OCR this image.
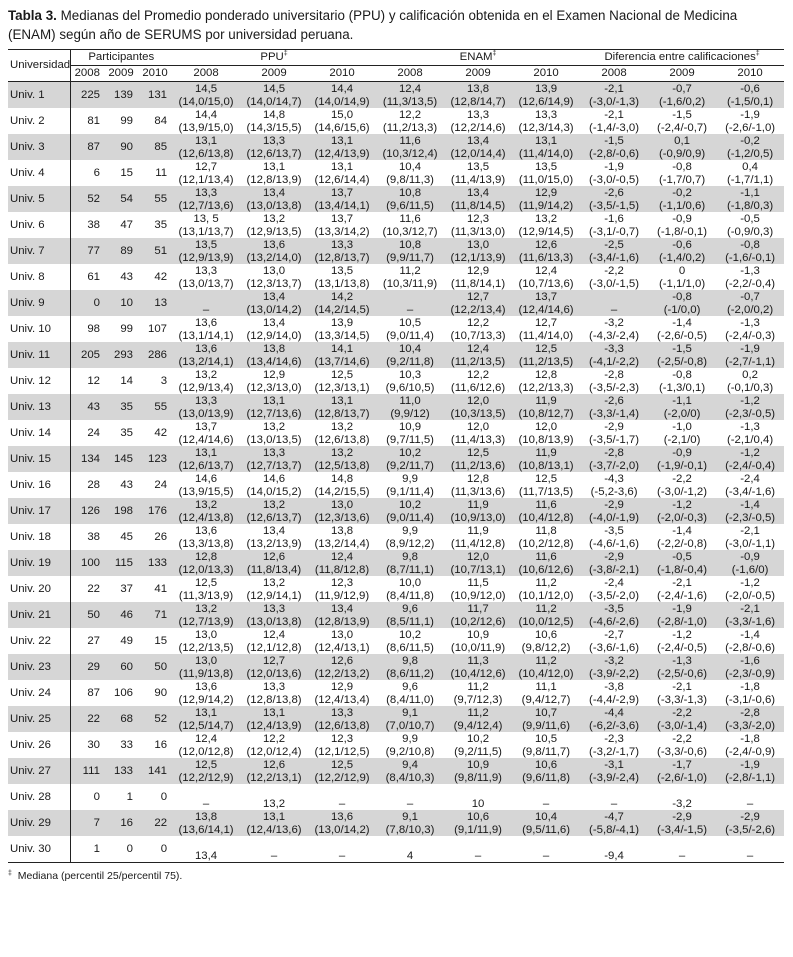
Tabla 3. Medianas del Promedio ponderado universitario (PPU) y calificación obtenida en el Examen Nacional de Medicina (ENAM) según año de SERUMS por universidad peruana.

Universidad	Participantes			PPU‡			ENAM‡			Diferencia entre calificaciones‡
	2008	2009	2010	2008	2009	2010	2008	2009	2010	2008	2009	2010
Univ. 1	225	139	131	14,5
(14,0/15,0)	14,5
(14,0/14,7)	14,4
(14,0/14,9)	12,4
(11,3/13,5)	13,8
(12,8/14,7)	13,9
(12,6/14,9)	-2,1
(-3,0/-1,3)	-0,7
(-1,6/0,2)	-0,6
(-1,5/0,1)

Univ. 2	81	99	84	14,4
(13,9/15,0)	14,8
(14,3/15,5)	15,0
(14,6/15,6)	12,2
(11,2/13,3)	13,3
(12,2/14,6)	13,3
(12,3/14,3)	-2,1
(-1,4/-3,0)	-1,5
(-2,4/-0,7)	-1,9
(-2,6/-1,0)

Univ. 3	87	90	85	13,1
(12,6/13,8)	13,3
(12,6/13,7)	13,1
(12,4/13,9)	11,6
(10,3/12,4)	13,4
(12,0/14,4)	13,1
(11,4/14,0)	-1,5
(-2,8/-0,6)	0,1
(-0,9/0,9)	-0,2
(-1,2/0,5)

Univ. 4	6	15	11	12,7
(12,1/13,4)	13,1
(12,8/13,9)	13,1
(12,6/14,4)	10,4
(9,8/11,3)	13,5
(11,4/13,9)	13,5
(11,0/15,0)	-1,9
(-3,0/-0,5)	-0,8
(-1,7/0,7)	0,4
(-1,7/1,1)

Univ. 5	52	54	55	13,3
(12,7/13,6)	13,4
(13,0/13,8)	13,7
(13,4/14,1)	10,8
(9,6/11,5)	13,4
(11,8/14,5)	12,9
(11,9/14,2)	-2,6
(-3,5/-1,5)	-0,2
(-1,1/0,6)	-1,1
(-1,8/0,3)

Univ. 6	38	47	35	13, 5
(13,1/13,7)	13,2
(12,9/13,5)	13,7
(13,3/14,2)	11,6
(10,3/12,7)	12,3
(11,3/13,0)	13,2
(12,9/14,5)	-1,6
(-3,1/-0,7)	-0,9
(-1,8/-0,1)	-0,5
(-0,9/0,3)

Univ. 7	77	89	51	13,5
(12,9/13,9)	13,6
(13,2/14,0)	13,3
(12,8/13,7)	10,8
(9,9/11,7)	13,0
(12,1/13,9)	12,6
(11,6/13,3)	-2,5
(-3,4/-1,6)	-0,6
(-1,4/0,2)	-0,8
(-1,6/-0,1)

Univ. 8	61	43	42	13,3
(13,0/13,7)	13,0
(12,3/13,7)	13,5
(13,1/13,8)	11,2
(10,3/11,9)	12,9
(11,8/14,1)	12,4
(10,7/13,6)	-2,2
(-3,0/-1,5)	0
(-1,1/1,0)	-1,3
(-2,2/-0,4)

Univ. 9	0	10	13	–	13,4
(13,0/14,2)	14,2
(14,2/14,5)	–	12,7
(12,2/13,4)	13,7
(12,4/14,6)	–	-0,8
(-1/0,0)	-0,7
(-2,0/0,2)

Univ. 10	98	99	107	13,6
(13,1/14,1)	13,4
(12,9/14,0)	13,9
(13,3/14,5)	10,5
(9,0/11,4)	12,2
(10,7/13,3)	12,7
(11,4/14,0)	-3,2
(-4,3/-2,4)	-1,4
(-2,6/-0,5)	-1,3
(-2,4/-0,3)

Univ. 11	205	293	286	13,6
(13,2/14,1)	13,8
(13,4/14,6)	14,1
(13,7/14,6)	10,4
(9,2/11,8)	12,4
(11,2/13,5)	12,5
(11,2/13,5)	-3,3
(-4,1/-2,2)	-1,5
(-2,5/-0,8)	-1,9
(-2,7/-1,1)

Univ. 12	12	14	3	13,2
(12,9/13,4)	12,9
(12,3/13,0)	12,5
(12,3/13,1)	10,3
(9,6/10,5)	12,2
(11,6/12,6)	12,8
(12,2/13,3)	-2,8
(-3,5/-2,3)	-0,8
(-1,3/0,1)	0,2
(-0,1/0,3)

Univ. 13	43	35	55	13,3
(13,0/13,9)	13,1
(12,7/13,6)	13,1
(12,8/13,7)	11,0
(9,9/12)	12,0
(10,3/13,5)	11,9
(10,8/12,7)	-2,6
(-3,3/-1,4)	-1,1
(-2,0/0)	-1,2
(-2,3/-0,5)

Univ. 14	24	35	42	13,7
(12,4/14,6)	13,2
(13,0/13,5)	13,2
(12,6/13,8)	10,9
(9,7/11,5)	12,0
(11,4/13,3)	12,0
(10,8/13,9)	-2,9
(-3,5/-1,7)	-1,0
(-2,1/0)	-1,3
(-2,1/0,4)

Univ. 15	134	145	123	13,1
(12,6/13,7)	13,3
(12,7/13,7)	13,2
(12,5/13,8)	10,2
(9,2/11,7)	12,5
(11,2/13,6)	11,9
(10,8/13,1)	-2,8
(-3,7/-2,0)	-0,9
(-1,9/-0,1)	-1,2
(-2,4/-0,4)

Univ. 16	28	43	24	14,6
(13,9/15,5)	14,6
(14,0/15,2)	14,8
(14,2/15,5)	9,9
(9,1/11,4)	12,8
(11,3/13,6)	12,5
(11,7/13,5)	-4,3
(-5,2-3,6)	-2,2
(-3,0/-1,2)	-2,4
(-3,4/-1,6)

Univ. 17	126	198	176	13,2
(12,4/13,8)	13,2
(12,6/13,7)	13,0
(12,3/13,6)	10,2
(9,0/11,4)	11,9
(10,9/13,0)	11,6
(10,4/12,8)	-2,9
(-4,0/-1,9)	-1,2
(-2,0/-0,3)	-1,4
(-2,3/-0,5)

Univ. 18	38	45	26	13,6
(13,3/13,8)	13,4
(13,2/13,9)	13,8
(13,2/14,4)	9,9
(8,9/12,2)	11,9
(11,4/12,8)	11,8
(10,2/12,8)	-3,5
(-4,6/-1,6)	-1,4
(-2,2/-0,8)	-2,1
(-3,0/-1,1)

Univ. 19	100	115	133	12,8
(12,0/13,3)	12,6
(11,8/13,4)	12,4
(11,8/12,8)	9,8
(8,7/11,1)	12,0
(10,7/13,1)	11,6
(10,6/12,6)	-2,9
(-3,8/-2,1)	-0,5
(-1,8/-0,4)	-0,9
(-1,6/0)

Univ. 20	22	37	41	12,5
(11,3/13,9)	13,2
(12,9/14,1)	12,3
(11,9/12,9)	10,0
(8,4/11,8)	11,5
(10,9/12,0)	11,2
(10,1/12,0)	-2,4
(-3,5/-2,0)	-2,1
(-2,4/-1,6)	-1,2
(-2,0/-0,5)

Univ. 21	50	46	71	13,2
(12,7/13,9)	13,3
(13,0/13,8)	13,4
(12,8/13,9)	9,6
(8,5/11,1)	11,7
(10,2/12,6)	11,2
(10,0/12,5)	-3,5
(-4,6/-2,6)	-1,9
(-2,8/-1,0)	-2,1
(-3,3/-1,6)

Univ. 22	27	49	15	13,0
(12,2/13,5)	12,4
(12,1/12,8)	13,0
(12,4/13,1)	10,2
(8,6/11,5)	10,9
(10,0/11,9)	10,6
(9,8/12,2)	-2,7
(-3,6/-1,6)	-1,2
(-2,4/-0,5)	-1,4
(-2,8/-0,6)

Univ. 23	29	60	50	13,0
(11,9/13,8)	12,7
(12,0/13,6)	12,6
(12,2/13,2)	9,8
(8,6/11,2)	11,3
(10,4/12,6)	11,2
(10,4/12,0)	-3,2
(-3,9/-2,2)	-1,3
(-2,5/-0,6)	-1,6
(-2,3/-0,9)

Univ. 24	87	106	90	13,6
(12,9/14,2)	13,3
(12,8/13,8)	12,9
(12,4/13,4)	9,6
(8,4/11,0)	11,2
(9,7/12,3)	11,1
(9,4/12,7)	-3,8
(-4,4/-2,9)	-2,1
(-3,3/-1,3)	-1,8
(-3,1/-0,6)

Univ. 25	22	68	52	13,1
(12,5/14,7)	13,1
(12,4/13,9)	13,3
(12,6/13,8)	9,1
(7,0/10,7)	11,2
(9,4/12,4)	10,7
(9,9/11,6)	-4,4
(-6,2/-3,6)	-2,2
(-3,0/-1,4)	-2,8
(-3,3/-2,0)

Univ. 26	30	33	16	12,4
(12,0/12,8)	12,2
(12,0/12,4)	12,3
(12,1/12,5)	9,9
(9,2/10,8)	10,2
(9,2/11,5)	10,5
(9,8/11,7)	-2,3
(-3,2/-1,7)	-2,2
(-3,3/-0,6)	-1,8
(-2,4/-0,9)

Univ. 27	111	133	141	12,5
(12,2/12,9)	12,6
(12,2/13,1)	12,5
(12,2/12,9)	9,4
(8,4/10,3)	10,9
(9,8/11,9)	10,6
(9,6/11,8)	-3,1
(-3,9/-2,4)	-1,7
(-2,6/-1,0)	-1,9
(-2,8/-1,1)

Univ. 28	0	1	0	–	13,2	–	–	10	–	–	-3,2	–

Univ. 29	7	16	22	13,8
(13,6/14,1)	13,1
(12,4/13,6)	13,6
(13,0/14,2)	9,1
(7,8/10,3)	10,6
(9,1/11,9)	10,4
(9,5/11,6)	-4,7
(-5,8/-4,1)	-2,9
(-3,4/-1,5)	-2,9
(-3,5/-2,6)

Univ. 30	1	0	0	13,4	–	–	4	–	–	-9,4	–	–
‡ Mediana (percentil 25/percentil 75).
